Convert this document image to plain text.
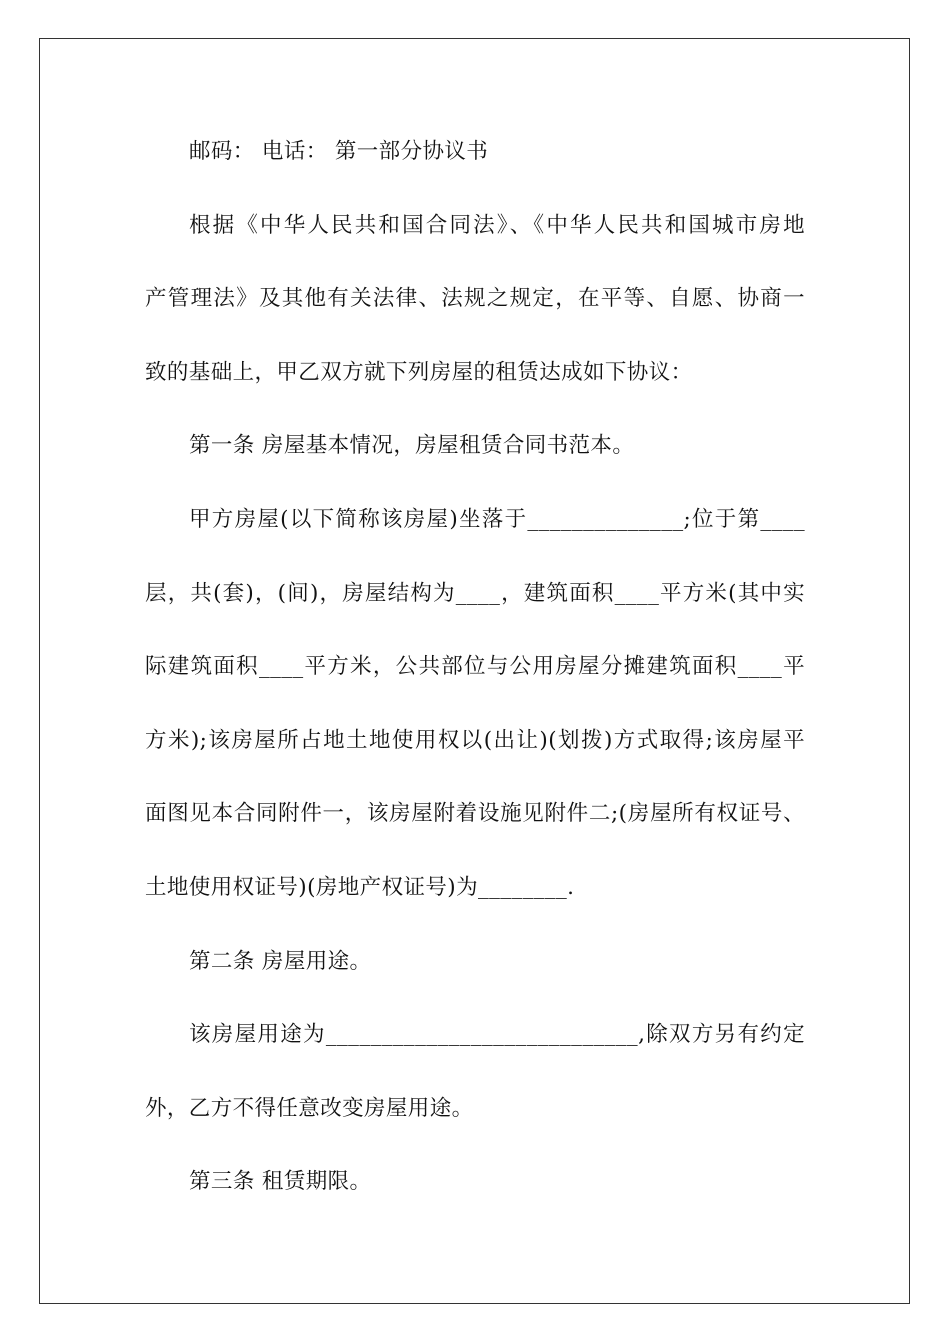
邮码： 电话： 第一部分协议书
根据《中华人民共和国合同法》、《中华人民共和国城市房地
产管理法》及其他有关法律、法规之规定，在平等、自愿、协商一
致的基础上，甲乙双方就下列房屋的租赁达成如下协议：
第一条 房屋基本情况，房屋租赁合同书范本。
甲方房屋(以下简称该房屋)坐落于______________;位于第____
层，共(套)，(间)，房屋结构为____，建筑面积____平方米(其中实
际建筑面积____平方米，公共部位与公用房屋分摊建筑面积____平
方米);该房屋所占地土地使用权以(出让)(划拨)方式取得;该房屋平
面图见本合同附件一，该房屋附着设施见附件二;(房屋所有权证号、
土地使用权证号)(房地产权证号)为________.
第二条 房屋用途。
该房屋用途为____________________________,除双方另有约定
外，乙方不得任意改变房屋用途。
第三条 租赁期限。
